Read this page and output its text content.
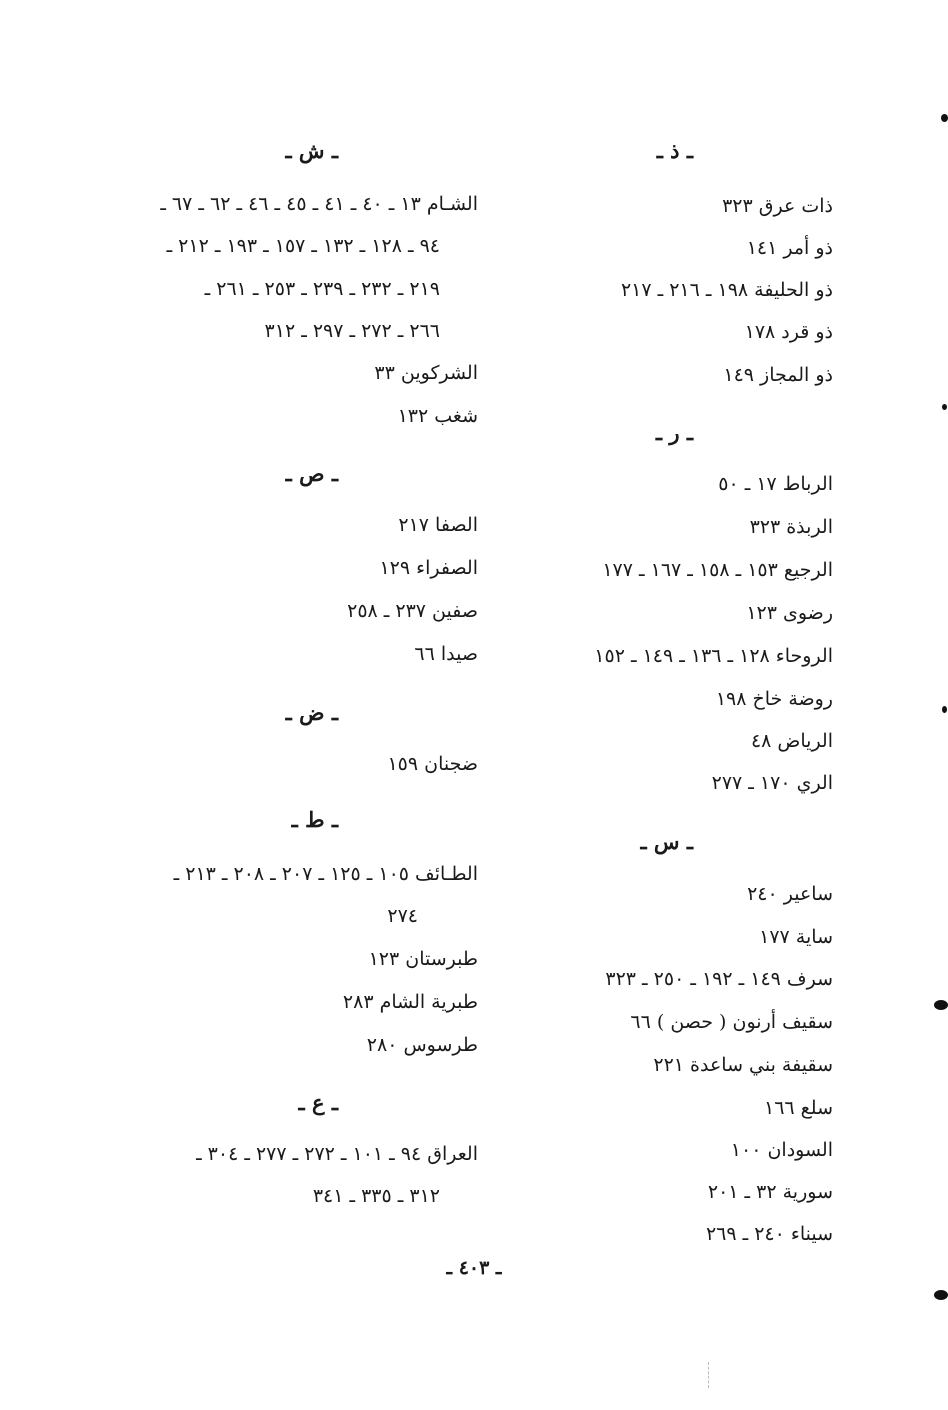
ـ ذ ـ
ذات عرق ٣٢٣
ذو أمر ١٤١
ذو الحليفة ١٩٨ ـ ٢١٦ ـ ٢١٧
ذو قرد ١٧٨
ذو المجاز ١٤٩
ـ ر ـ
الرباط ١٧ ـ ٥٠
الربذة ٣٢٣
الرجيع ١٥٣ ـ ١٥٨ ـ ١٦٧ ـ ١٧٧
رضوى ١٢٣
الروحاء ١٢٨ ـ ١٣٦ ـ ١٤٩ ـ ١٥٢
روضة خاخ ١٩٨
الرياض ٤٨
الري ١٧٠ ـ ٢٧٧
ـ س ـ
ساعير ٢٤٠
ساية ١٧٧
سرف ١٤٩ ـ ١٩٢ ـ ٢٥٠ ـ ٣٢٣
سقيف أرنون ( حصن ) ٦٦
سقيفة بني ساعدة ٢٢١
سلع ١٦٦
السودان ١٠٠
سورية ٣٢ ـ ٢٠١
سيناء ٢٤٠ ـ ٢٦٩
ـ ش ـ
الشـام ١٣ ـ ٤٠ ـ ٤١ ـ ٤٥ ـ ٤٦ ـ ٦٢ ـ ٦٧ ـ
٩٤ ـ ١٢٨ ـ ١٣٢ ـ ١٥٧ ـ ١٩٣ ـ ٢١٢ ـ
٢١٩ ـ ٢٣٢ ـ ٢٣٩ ـ ٢٥٣ ـ ٢٦١ ـ
٢٦٦ ـ ٢٧٢ ـ ٢٩٧ ـ ٣١٢
الشركوين ٣٣
شغب ١٣٢
ـ ص ـ
الصفا ٢١٧
الصفراء ١٢٩
صفين ٢٣٧ ـ ٢٥٨
صيدا ٦٦
ـ ض ـ
ضجنان ١٥٩
ـ ط ـ
الطـائف ١٠٥ ـ ١٢٥ ـ ٢٠٧ ـ ٢٠٨ ـ ٢١٣ ـ
٢٧٤
طبرستان ١٢٣
طبرية الشام ٢٨٣
طرسوس ٢٨٠
ـ ع ـ
العراق ٩٤ ـ ١٠١ ـ ٢٧٢ ـ ٢٧٧ ـ ٣٠٤ ـ
٣١٢ ـ ٣٣٥ ـ ٣٤١
ـ ٤٠٣ ـ
